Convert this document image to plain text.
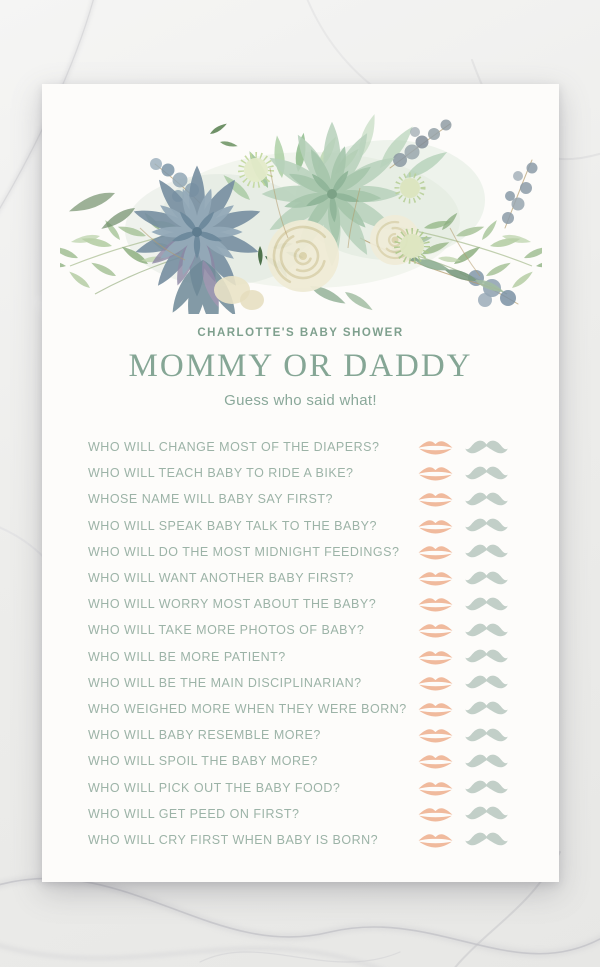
CHARLOTTE'S BABY SHOWER
MOMMY OR DADDY
Guess who said what!
WHO WILL CHANGE MOST OF THE DIAPERS?
WHO WILL TEACH BABY TO RIDE A BIKE?
WHOSE NAME WILL BABY SAY FIRST?
WHO WILL SPEAK BABY TALK TO THE BABY?
WHO WILL DO THE MOST MIDNIGHT FEEDINGS?
WHO WILL WANT ANOTHER BABY FIRST?
WHO WILL WORRY MOST ABOUT THE BABY?
WHO WILL TAKE MORE PHOTOS OF BABY?
WHO WILL BE MORE PATIENT?
WHO WILL BE THE MAIN DISCIPLINARIAN?
WHO WEIGHED MORE WHEN THEY WERE BORN?
WHO WILL BABY RESEMBLE MORE?
WHO WILL SPOIL THE BABY MORE?
WHO WILL PICK OUT THE BABY FOOD?
WHO WILL GET PEED ON FIRST?
WHO WILL CRY FIRST WHEN BABY IS BORN?
